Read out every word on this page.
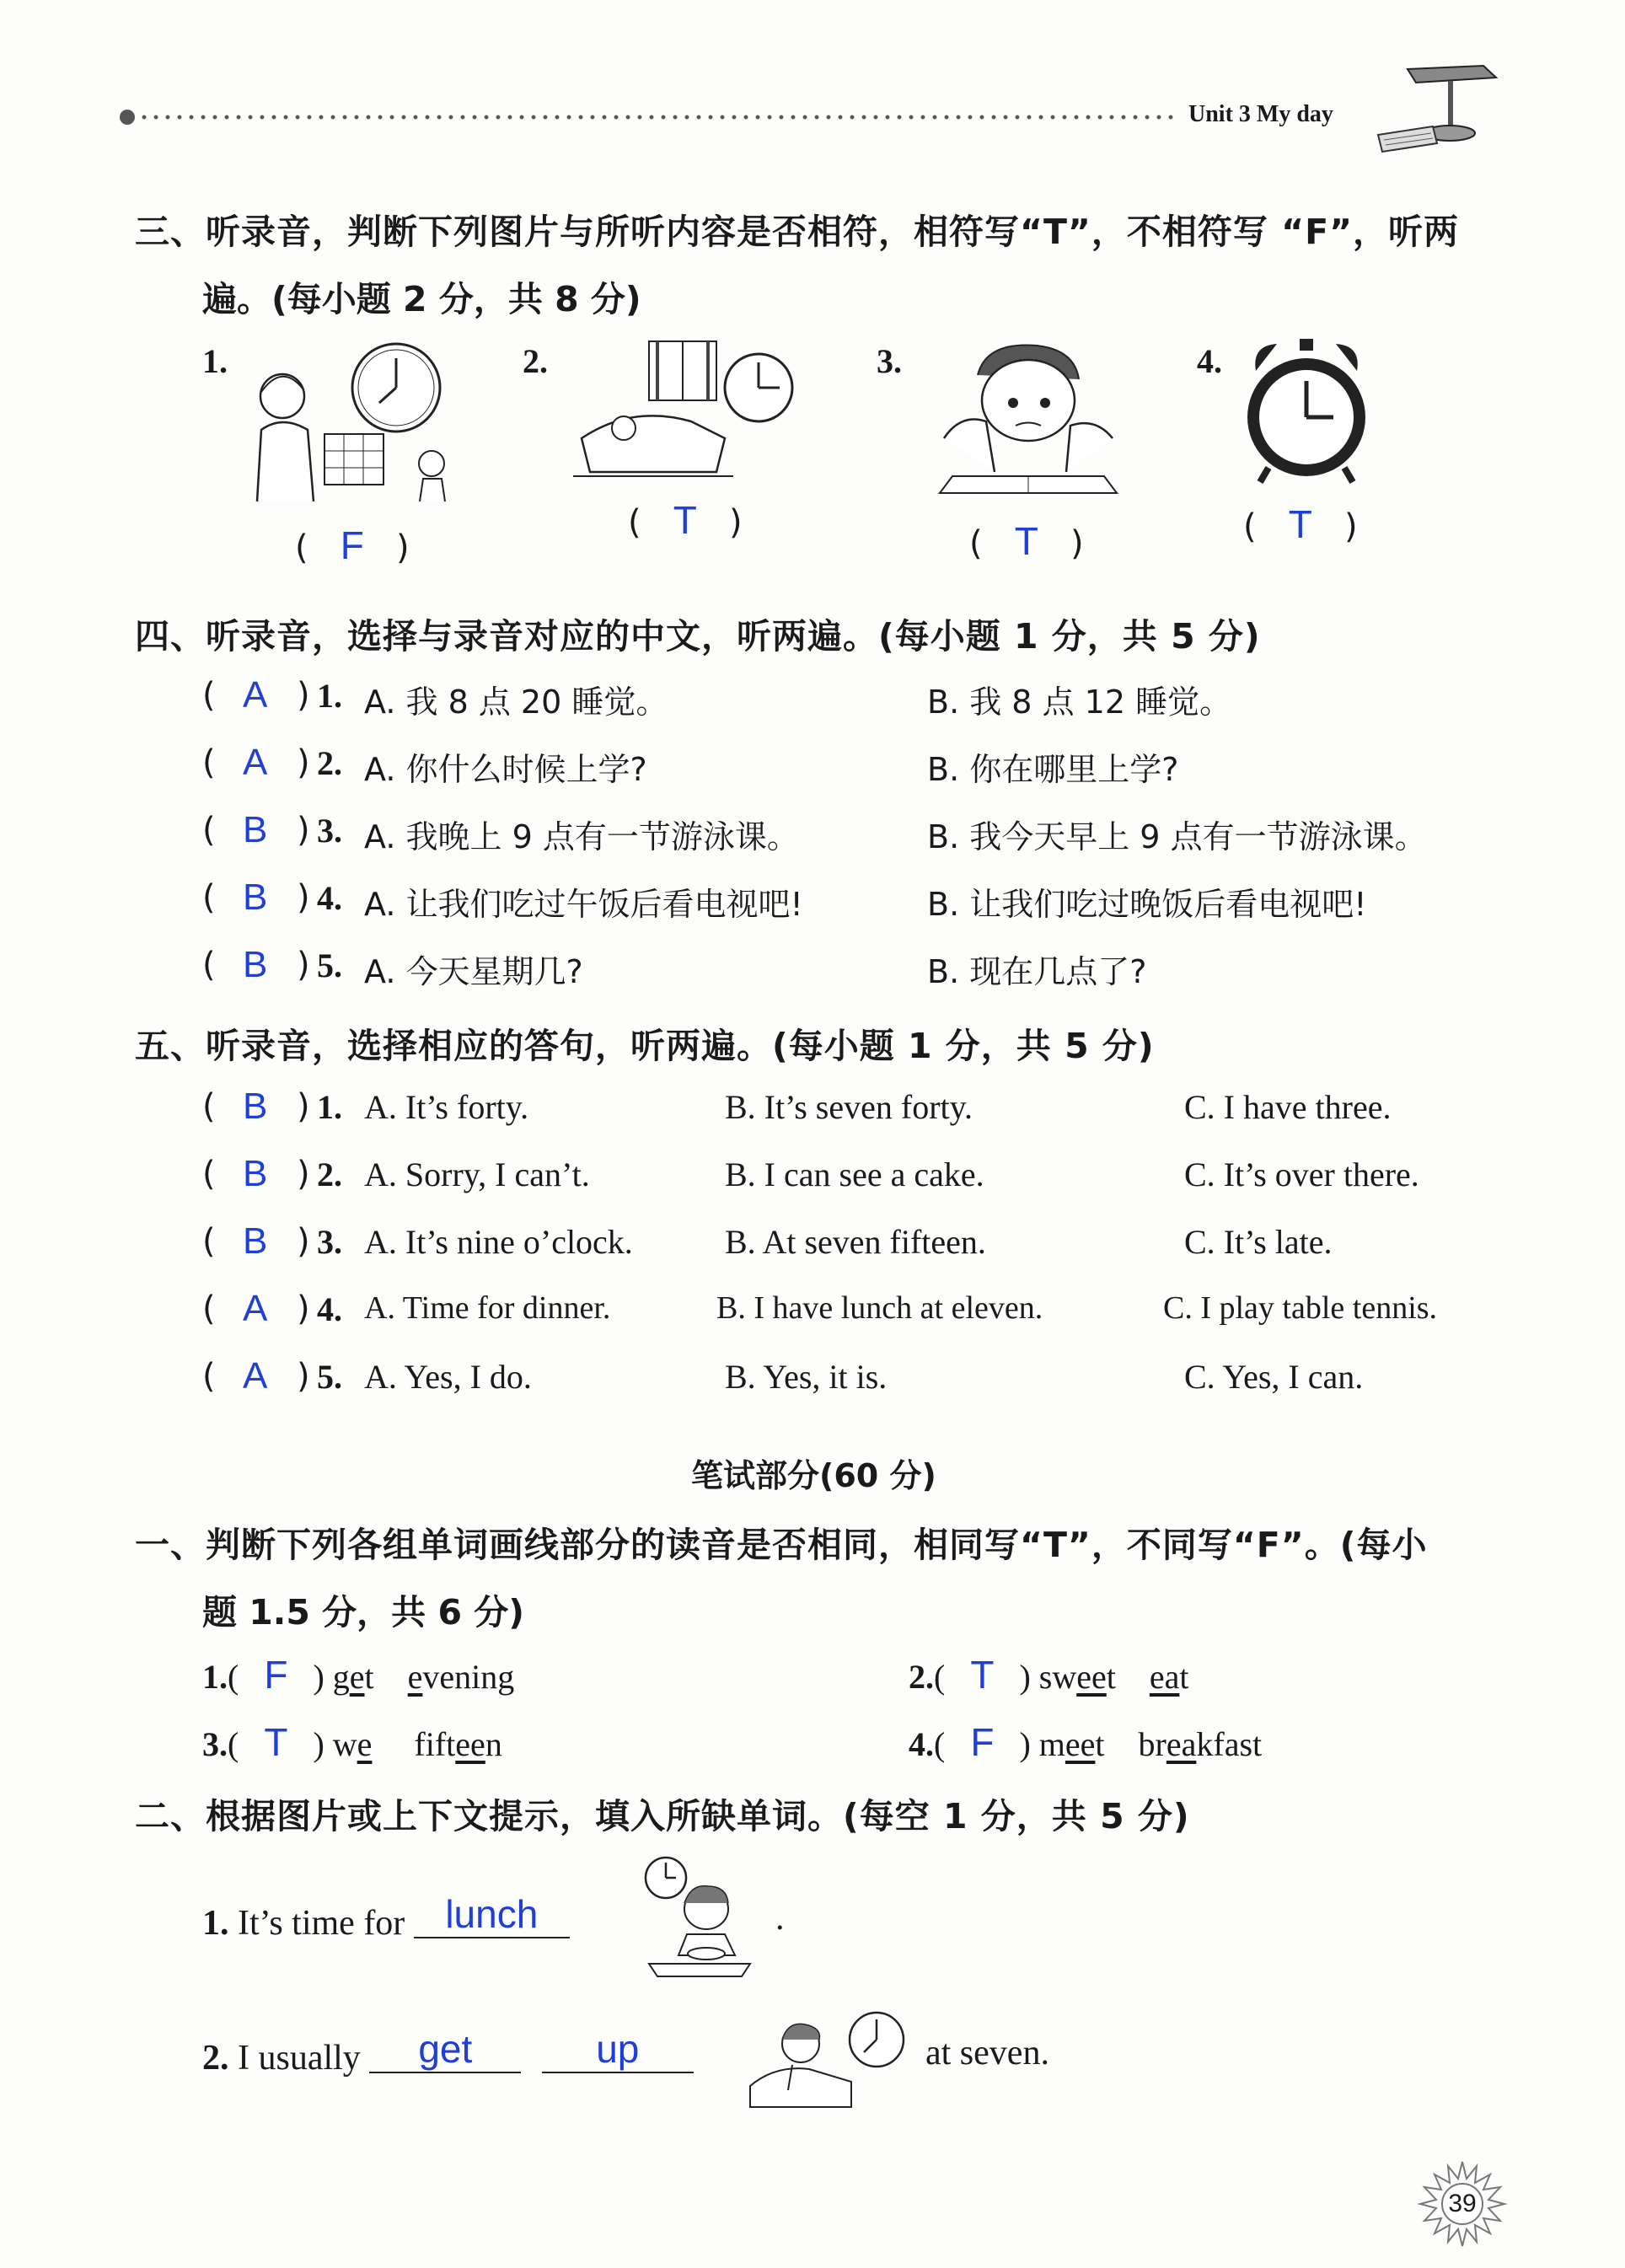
Unit 3 My day
三、听录音，判断下列图片与所听内容是否相符，相符写“T”，不相符写 “F”，听两
遍。(每小题 2 分，共 8 分)
1.
(   F   )
2.
(   T   )
3.
(   T   )
4.
(   T   )
四、听录音，选择与录音对应的中文，听两遍。(每小题 1 分，共 5 分)
( A ) 1. A. 我 8 点 20 睡觉。	B. 我 8 点 12 睡觉。
( A ) 2. A. 你什么时候上学?	B. 你在哪里上学?
( B ) 3. A. 我晚上 9 点有一节游泳课。	B. 我今天早上 9 点有一节游泳课。
( B ) 4. A. 让我们吃过午饭后看电视吧!	B. 让我们吃过晚饭后看电视吧!
( B ) 5. A. 今天星期几?	B. 现在几点了?
五、听录音，选择相应的答句，听两遍。(每小题 1 分，共 5 分)
( B ) 1. A. It’s forty.	B. It’s seven forty.	C. I have three.
( B ) 2. A. Sorry, I can’t.	B. I can see a cake.	C. It’s over there.
( B ) 3. A. It’s nine o’clock.	B. At seven fifteen.	C. It’s late.
( A ) 4. A. Time for dinner.	B. I have lunch at eleven.	C. I play table tennis.
( A ) 5. A. Yes, I do.	B. Yes, it is.	C. Yes, I can.
笔试部分(60 分)
一、判断下列各组单词画线部分的读音是否相同，相同写“T”，不同写“F”。(每小
题 1.5 分，共 6 分)
1.(   F   ) get evening	2.(   T   ) sweet eat
3.(   T   ) we fifteen	4.(   F   ) meet breakfast
二、根据图片或上下文提示，填入所缺单词。(每空 1 分，共 5 分)
1. It’s time for lunch	.
2. I usually get	up	at seven.
39
